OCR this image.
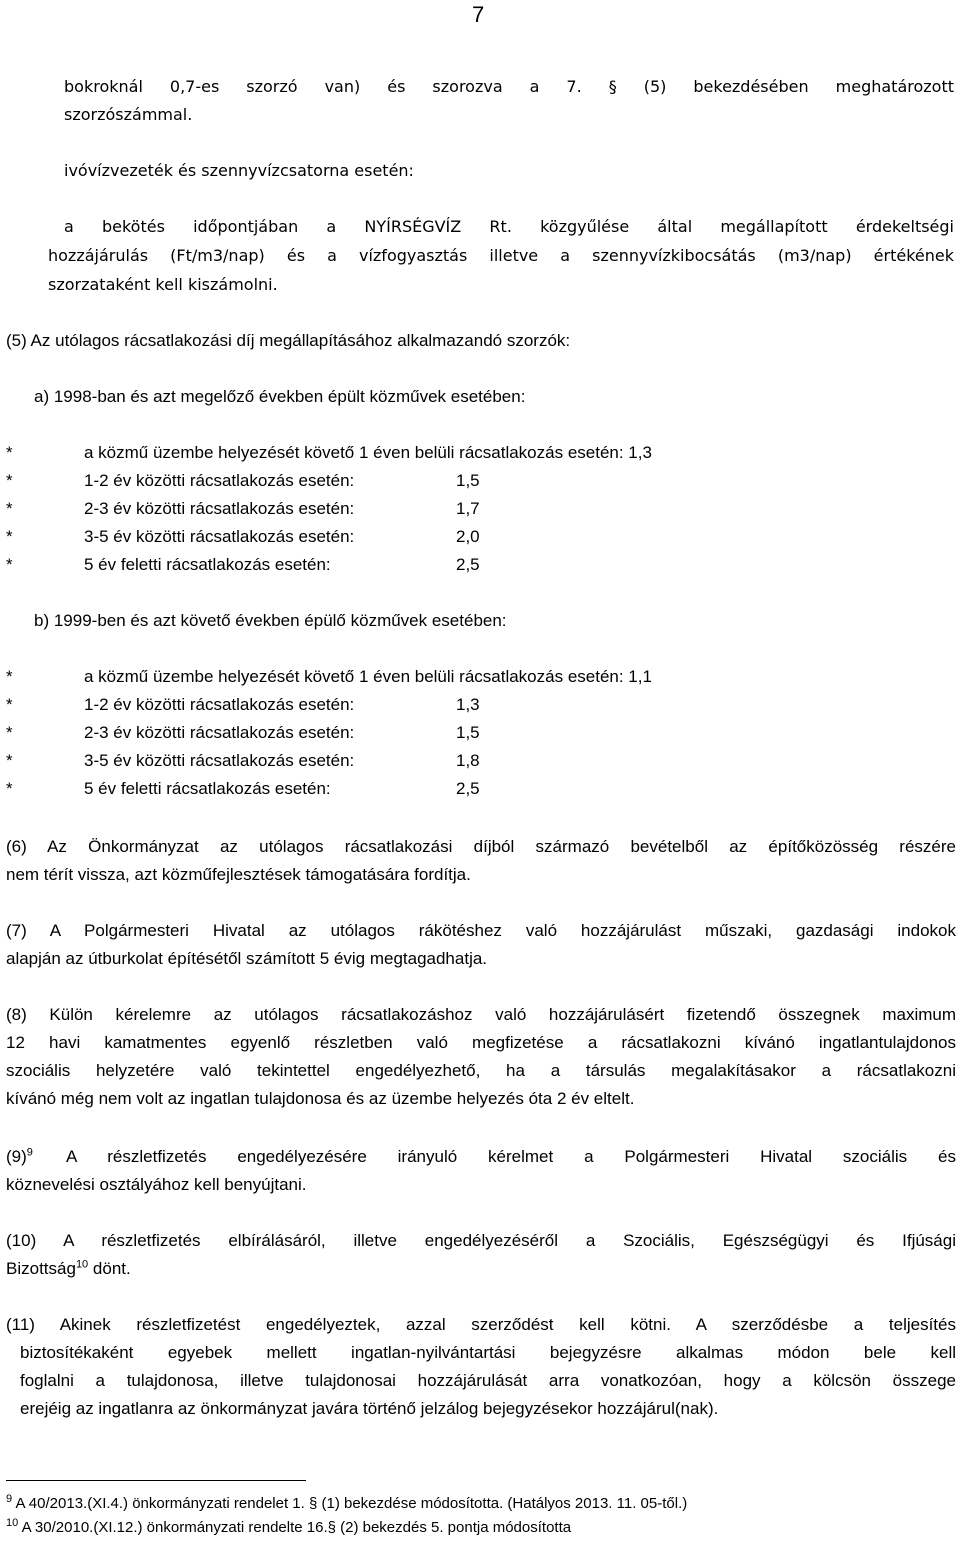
7
bokroknál 0,7-es szorzó van) és szorozva a 7. § (5) bekezdésében meghatározott
szorzószámmal.
ivóvízvezeték és szennyvízcsatorna esetén:
a bekötés időpontjában a NYÍRSÉGVÍZ Rt. közgyűlése által megállapított érdekeltségi
hozzájárulás (Ft/m3/nap) és a vízfogyasztás illetve a szennyvízkibocsátás (m3/nap) értékének
szorzataként kell kiszámolni.
(5) Az utólagos rácsatlakozási díj megállapításához alkalmazandó szorzók:
a) 1998-ban és azt megelőző években épült közművek esetében:
*	a közmű üzembe helyezését követő 1 éven belüli rácsatlakozás esetén: 1,3
*	1-2 év közötti rácsatlakozás esetén:	1,5
*	2-3 év közötti rácsatlakozás esetén:	1,7
*	3-5 év közötti rácsatlakozás esetén:	2,0
*	5 év feletti rácsatlakozás esetén:	2,5
b) 1999-ben és azt követő években épülő közművek esetében:
*	a közmű üzembe helyezését követő 1 éven belüli rácsatlakozás esetén: 1,1
*	1-2 év közötti rácsatlakozás esetén:	1,3
*	2-3 év közötti rácsatlakozás esetén:	1,5
*	3-5 év közötti rácsatlakozás esetén:	1,8
*	5 év feletti rácsatlakozás esetén:	2,5
(6) Az Önkormányzat az utólagos rácsatlakozási díjból származó bevételből az építőközösség részére
nem térít vissza, azt közműfejlesztések támogatására fordítja.
(7) A Polgármesteri Hivatal az utólagos rákötéshez való hozzájárulást műszaki, gazdasági indokok
alapján az útburkolat építésétől számított 5 évig megtagadhatja.
(8) Külön kérelemre az utólagos rácsatlakozáshoz való hozzájárulásért fizetendő összegnek maximum
12 havi kamatmentes egyenlő részletben való megfizetése a rácsatlakozni kívánó ingatlantulajdonos
szociális helyzetére való tekintettel engedélyezhető, ha a társulás megalakításakor a rácsatlakozni
kívánó még nem volt az ingatlan tulajdonosa és az üzembe helyezés óta 2 év eltelt.
$(9)^9$ A részletfizetés engedélyezésére irányuló kérelmet a Polgármesteri Hivatal szociális és
köznevelési osztályához kell benyújtani.
(10) A részletfizetés elbírálásáról, illetve engedélyezéséről a Szociális, Egészségügyi és Ifjúsági
Bizottság$^{10}$ dönt.
(11) Akinek részletfizetést engedélyeztek, azzal szerződést kell kötni. A szerződésbe a teljesítés
biztosítékaként egyebek mellett ingatlan-nyilvántartási bejegyzésre alkalmas módon bele kell
foglalni a tulajdonosa, illetve tulajdonosai hozzájárulását arra vonatkozóan, hogy a kölcsön összege
erejéig az ingatlanra az önkormányzat javára történő jelzálog bejegyzésekor hozzájárul(nak).
$^9$ A 40/2013.(XI.4.) önkormányzati rendelet 1. § (1) bekezdése módosította. (Hatályos 2013. 11. 05-től.)
$^{10}$ A 30/2010.(XI.12.) önkormányzati rendelte 16.§ (2) bekezdés 5. pontja módosította
